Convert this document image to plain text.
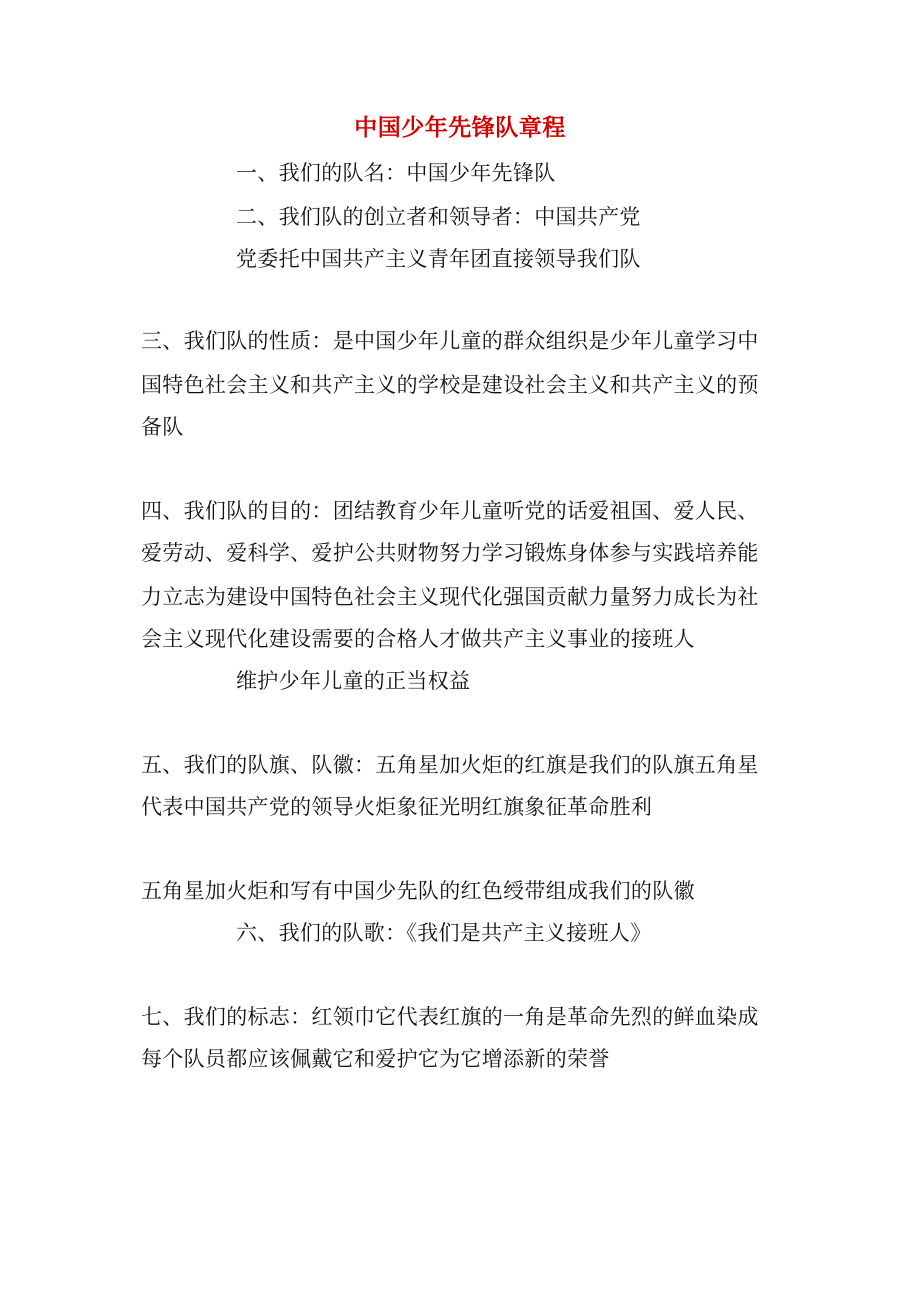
中国少年先锋队章程
一、我们的队名：中国少年先锋队
二、我们队的创立者和领导者：中国共产党
党委托中国共产主义青年团直接领导我们队
三、我们队的性质：是中国少年儿童的群众组织是少年儿童学习中
国特色社会主义和共产主义的学校是建设社会主义和共产主义的预
备队
四、我们队的目的：团结教育少年儿童听党的话爱祖国、爱人民、
爱劳动、爱科学、爱护公共财物努力学习锻炼身体参与实践培养能
力立志为建设中国特色社会主义现代化强国贡献力量努力成长为社
会主义现代化建设需要的合格人才做共产主义事业的接班人
维护少年儿童的正当权益
五、我们的队旗、队徽：五角星加火炬的红旗是我们的队旗五角星
代表中国共产党的领导火炬象征光明红旗象征革命胜利
五角星加火炬和写有中国少先队的红色绶带组成我们的队徽
六、我们的队歌：《我们是共产主义接班人》
七、我们的标志：红领巾它代表红旗的一角是革命先烈的鲜血染成
每个队员都应该佩戴它和爱护它为它增添新的荣誉
